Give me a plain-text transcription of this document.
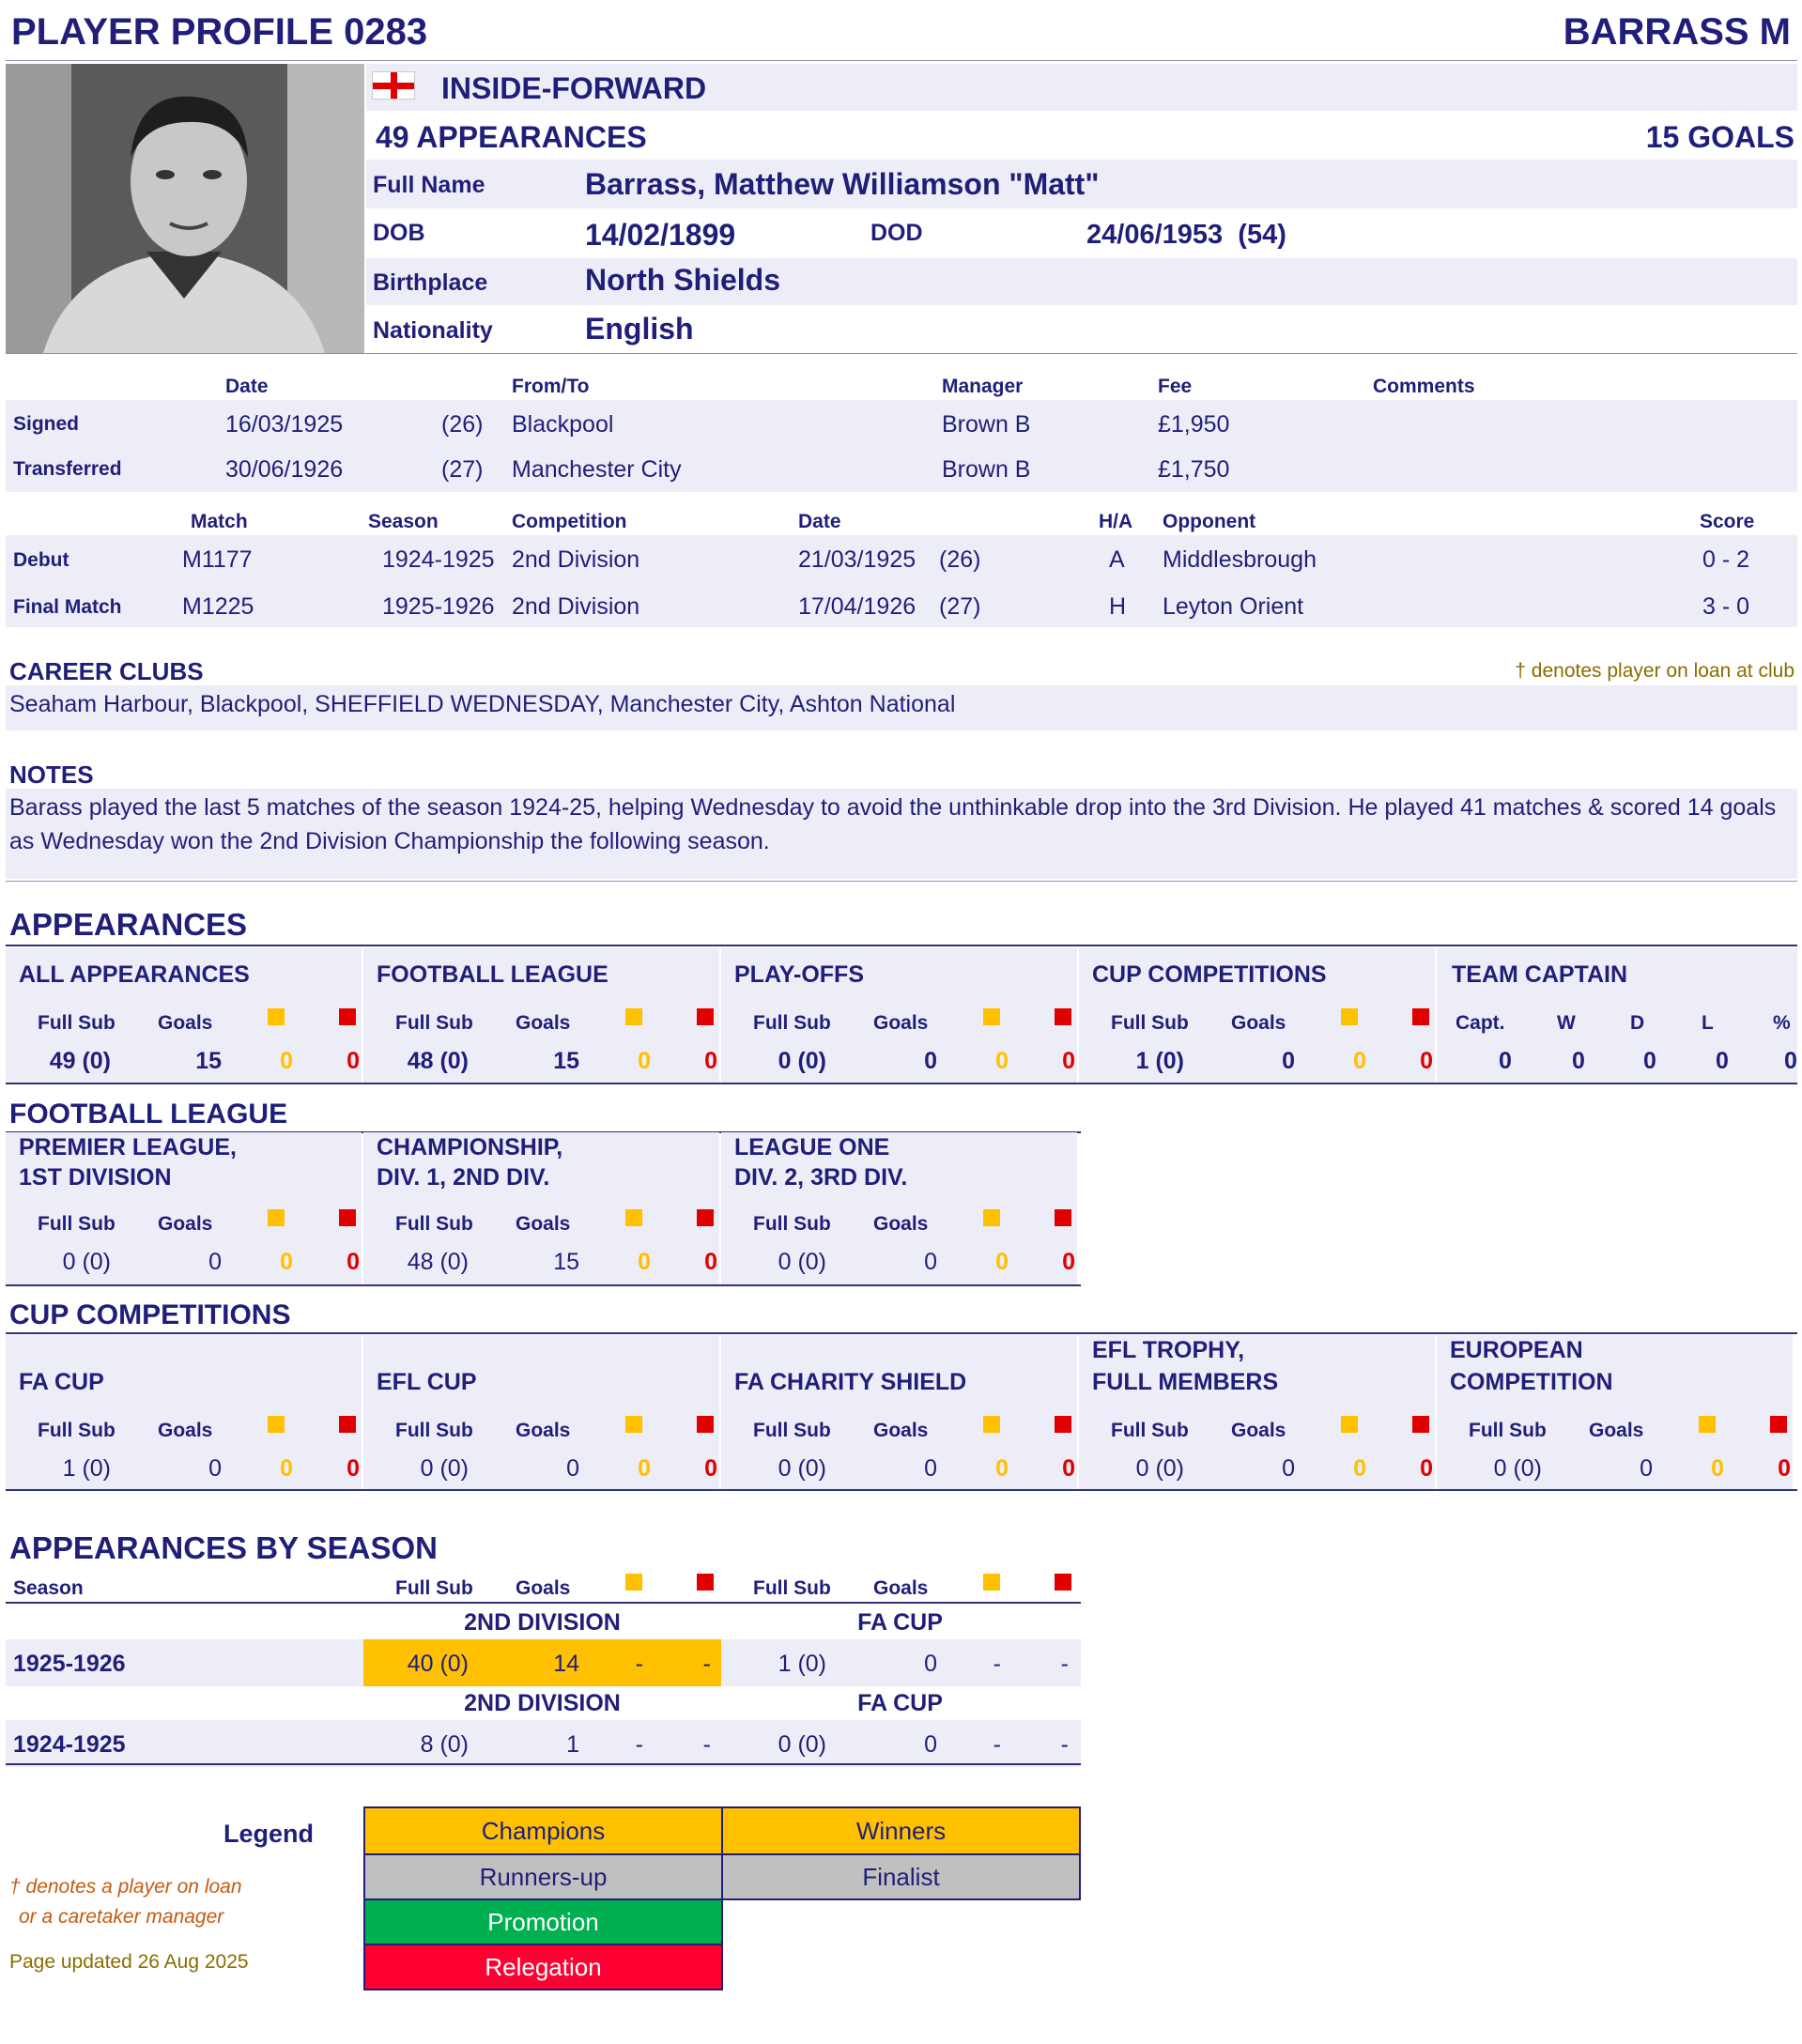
PLAYER PROFILE 0283	BARRASS M
INSIDE-FORWARD
49 APPEARANCES	15 GOALS
Full Name	Barrass, Matthew Williamson "Matt"
DOB	14/02/1899	DOD	24/06/1953 (54)
Birthplace	North Shields
Nationality	English
Date	From/To	Manager	Fee	Comments
Signed	16/03/1925	(26) Blackpool	Brown B	£1,950
Transferred	30/06/1926	(27) Manchester City	Brown B	£1,750
Match	Season	Competition	Date	H/A Opponent	Score
Debut	M1177	1924-1925 2nd Division	21/03/1925 (26)	A Middlesbrough	0 - 2
Final Match	M1225	1925-1926 2nd Division	17/04/1926 (27)	H Leyton Orient	3 - 0
CAREER CLUBS	† denotes player on loan at club
Seaham Harbour, Blackpool, SHEFFIELD WEDNESDAY, Manchester City, Ashton National
NOTES
Barass played the last 5 matches of the season 1924-25, helping Wednesday to avoid the unthinkable drop into the 3rd Division. He played 41 matches & scored 14 goals
as Wednesday won the 2nd Division Championship the following season.
APPEARANCES
FOOTBALL LEAGUE
CUP COMPETITIONS
APPEARANCES BY SEASON
Season	Full Sub Goals	Full Sub Goals
2ND DIVISION	FA CUP
1925-1926	40 (0)	14	-	-	1 (0)	0	-	-
2ND DIVISION	FA CUP
1924-1925	8 (0)	1	-	-	0 (0)	0	-	-
Legend	Champions	Winners
Runners-up	Finalist
Promotion
Relegation
† denotes a player on loan
or a caretaker manager
Page updated 26 Aug 2025
ALL APPEARANCES
Full Sub Goals
49 (0)	15	0	0
FOOTBALL LEAGUE
Full Sub Goals
48 (0)	15	0	0
PLAY-OFFS
Full Sub Goals
0 (0)	0	0	0
CUP COMPETITIONS
Full Sub Goals
1 (0)	0	0	0
TEAM CAPTAIN
Capt.	W	D	L	%
0	0 0	0 0
PREMIER LEAGUE,
1ST DIVISION
Full Sub Goals
0 (0)	0	0	0
CHAMPIONSHIP,
DIV. 1, 2ND DIV.
Full Sub Goals
48 (0)	15	0	0
LEAGUE ONE
DIV. 2, 3RD DIV.
Full Sub Goals
0 (0)	0	0	0
FA CUP
Full Sub Goals
1 (0)	0	0	0
EFL CUP
Full Sub Goals
0 (0)	0	0	0
FA CHARITY SHIELD
Full Sub Goals
0 (0)	0	0	0
EFL TROPHY,
FULL MEMBERS
Full Sub Goals
0 (0)	0	0	0
EUROPEAN
COMPETITION
Full Sub Goals
0 (0)	0	0	0
